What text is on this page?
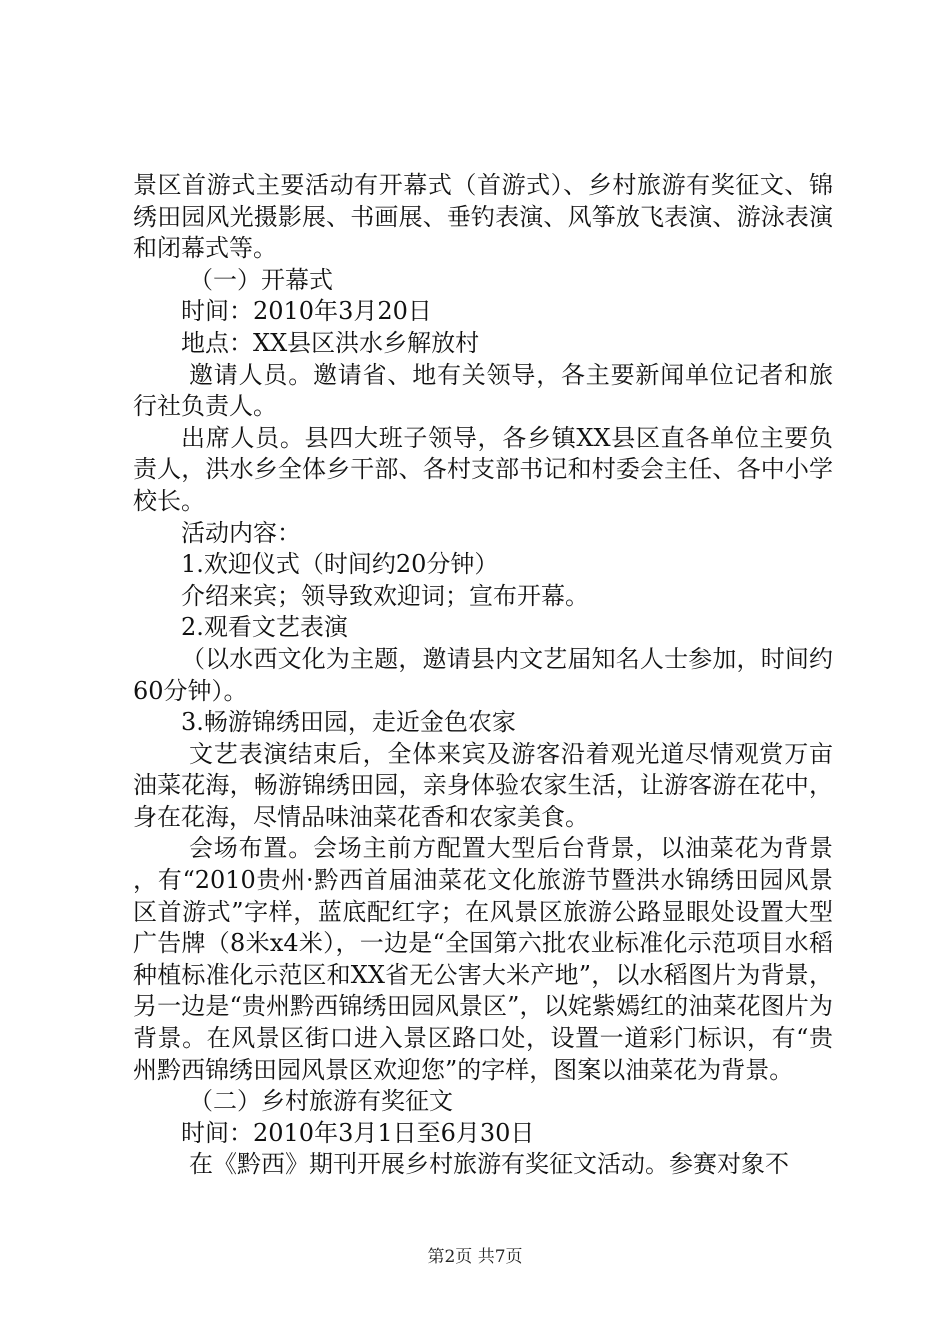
景区首游式主要活动有开幕式（首游式）、乡村旅游有奖征文、锦绣田园风光摄影展、书画展、垂钓表演、风筝放飞表演、游泳表演和闭幕式等。

（一）开幕式

时间：2010年3月20日

地点：XX县区洪水乡解放村

邀请人员。邀请省、地有关领导，各主要新闻单位记者和旅行社负责人。

出席人员。县四大班子领导，各乡镇XX县区直各单位主要负责人，洪水乡全体乡干部、各村支部书记和村委会主任、各中小学校长。

活动内容：

1.欢迎仪式（时间约20分钟）

介绍来宾；领导致欢迎词；宣布开幕。

2.观看文艺表演

（以水西文化为主题，邀请县内文艺届知名人士参加，时间约60分钟）。

3.畅游锦绣田园，走近金色农家

文艺表演结束后，全体来宾及游客沿着观光道尽情观赏万亩油菜花海，畅游锦绣田园，亲身体验农家生活，让游客游在花中，身在花海，尽情品味油菜花香和农家美食。

会场布置。会场主前方配置大型后台背景，以油菜花为背景，有“2010贵州·黔西首届油菜花文化旅游节暨洪水锦绣田园风景区首游式”字样，蓝底配红字；在风景区旅游公路显眼处设置大型广告牌（8米x4米），一边是“全国第六批农业标准化示范项目水稻种植标准化示范区和XX省无公害大米产地”，以水稻图片为背景，另一边是“贵州黔西锦绣田园风景区”，以姹紫嫣红的油菜花图片为背景。在风景区街口进入景区路口处，设置一道彩门标识，有“贵州黔西锦绣田园风景区欢迎您”的字样，图案以油菜花为背景。

（二）乡村旅游有奖征文

时间：2010年3月1日至6月30日

在《黔西》期刊开展乡村旅游有奖征文活动。参赛对象不

第2页 共7页
